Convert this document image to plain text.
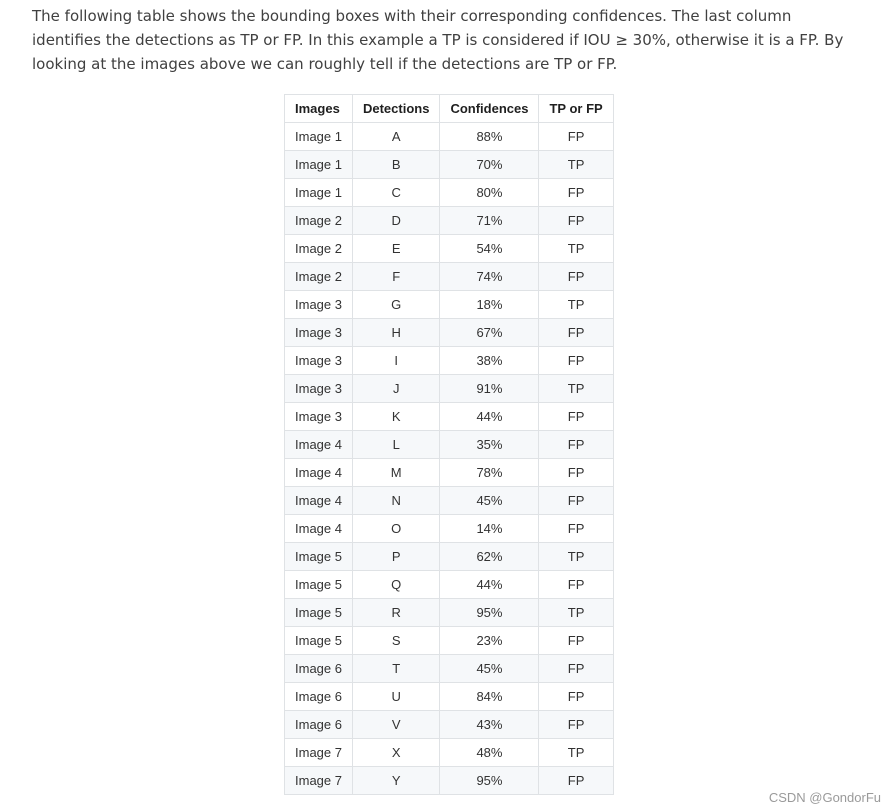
The following table shows the bounding boxes with their corresponding confidences. The last column identifies the detections as TP or FP. In this example a TP is considered if IOU ≥ 30%, otherwise it is a FP. By looking at the images above we can roughly tell if the detections are TP or FP.

Images	Detections	Confidences	TP or FP
Image 1	A	88%	FP
Image 1	B	70%	TP
Image 1	C	80%	FP
Image 2	D	71%	FP
Image 2	E	54%	TP
Image 2	F	74%	FP
Image 3	G	18%	TP
Image 3	H	67%	FP
Image 3	I	38%	FP
Image 3	J	91%	TP
Image 3	K	44%	FP
Image 4	L	35%	FP
Image 4	M	78%	FP
Image 4	N	45%	FP
Image 4	O	14%	FP
Image 5	P	62%	TP
Image 5	Q	44%	FP
Image 5	R	95%	TP
Image 5	S	23%	FP
Image 6	T	45%	FP
Image 6	U	84%	FP
Image 6	V	43%	FP
Image 7	X	48%	TP
Image 7	Y	95%	FP
CSDN @GondorFu
